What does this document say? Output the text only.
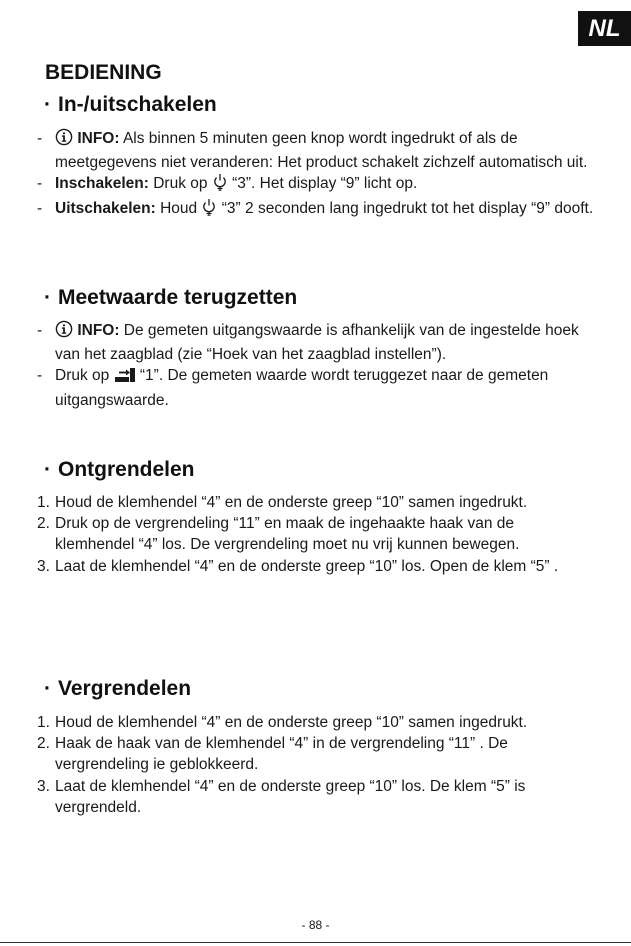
NL
BEDIENING
· In-/uitschakelen
-	INFO: Als binnen 5 minuten geen knop wordt ingedrukt of als de meetgegevens niet veranderen: Het product schakelt zichzelf automatisch uit.
- Inschakelen: Druk op  “3”. Het display “9” licht op.
- Uitschakelen: Houd  “3” 2 seconden lang ingedrukt tot het display “9” dooft.
· Meetwaarde terugzetten
-	INFO: De gemeten uitgangswaarde is afhankelijk van de ingestelde hoek van het zaagblad (zie “Hoek van het zaagblad instellen”).
- Druk op  “1”. De gemeten waarde wordt teruggezet naar de gemeten uitgangswaarde.
· Ontgrendelen
1. Houd de klemhendel “4” en de onderste greep “10” samen ingedrukt.
2. Druk op de vergrendeling “11” en maak de ingehaakte haak van de klemhendel “4” los. De vergrendeling moet nu vrij kunnen bewegen.
3. Laat de klemhendel “4” en de onderste greep “10” los. Open de klem “5” .
· Vergrendelen
1. Houd de klemhendel “4” en de onderste greep “10” samen ingedrukt.
2. Haak de haak van de klemhendel “4” in de vergrendeling “11” . De vergrendeling ie geblokkeerd.
3. Laat de klemhendel “4” en de onderste greep “10” los. De klem “5” is vergrendeld.
- 88 -
